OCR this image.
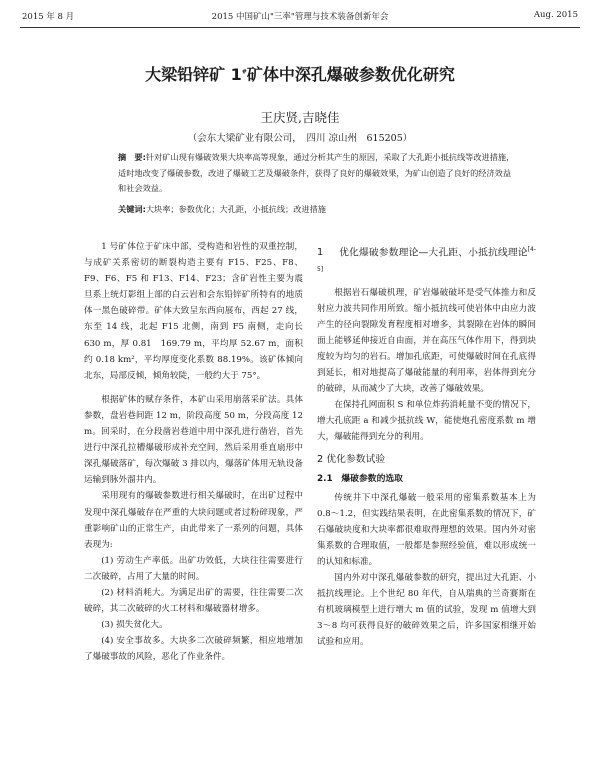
2015 年 8 月	2015 中国矿山"三率"管理与技术装备创新年会	Aug. 2015
大梁铅锌矿 1#矿体中深孔爆破参数优化研究
王庆贤,吉晓佳
（会东大梁矿业有限公司，　四川 凉山州　615205）
摘　要:针对矿山现有爆破效果大块率高等现象，通过分析其产生的原因，采取了大孔距小抵抗线等改进措施，适时地改变了爆破参数，改进了爆破工艺及爆破条件，获得了良好的爆破效果，为矿山创造了良好的经济效益和社会效益。
关键词:大块率；参数优化；大孔距，小抵抗线；改进措施

1 号矿体位于矿床中部，受构造和岩性的双重控制，与成矿关系密切的断裂构造主要有 F15、F25、F8、F9、F6、F5 和 F13、F14、F23；含矿岩性主要为震旦系上统灯影组上部的白云岩和会东铅锌矿所特有的地质体一黑色破碎带。矿体大致呈东西向展布，西起 27 线，东至 14 线，北起 F15 北侧，南到 F5 南侧，走向长 630 m，厚 0.81　169.79 m，平均厚 52.67 m，面积约 0.18 km²，平均厚度变化系数 88.19%。该矿体倾向北东，局部反倾，倾角较陡，一般约大于 75°。

根据矿体的赋存条件，本矿山采用崩落采矿法。具体参数，盘岩巷间距 12 m，阶段高度 50 m，分段高度 12 m。回采时，在分段凿岩巷道中用中深孔进行凿岩，首先进行中深孔拉槽爆破形成补充空间，然后采用垂直扇形中深孔爆破落矿，每次爆破 3 排以内，爆落矿体用无轨设备运输到脉外溜井内。

采用现有的爆破参数进行相关爆破时，在出矿过程中发现中深孔爆破存在严重的大块问题或者过粉碎现象，严重影响矿山的正常生产，由此带来了一系列的问题，具体表现为:

(1) 劳动生产率低。出矿功效低，大块往往需要进行二次破碎，占用了大量的时间。

(2) 材料消耗大。为满足出矿的需要，往往需要二次破碎，其二次破碎的火工材料和爆破器材增多。

(3) 损失贫化大。

(4) 安全事故多。大块多二次破碎频繁，相应地增加了爆破事故的风险，恶化了作业条件。

1 优化爆破参数理论—大孔距、小抵抗线理论[4-5]

根据岩石爆破机理，矿岩爆破破坏是受气体推力和反射应力波共同作用所致。缩小抵抗线可使岩体中由应力波产生的径向裂隙发育程度相对增多，其裂隙在岩体的瞬间面上能够延伸接近自由面，并在高压气体作用下，得到块度较为均匀的岩石。增加孔底距，可使爆破时间在孔底得到延长，相对地提高了爆破能量的利用率，岩体得到充分的破碎，从而减少了大块，改善了爆破效果。

在保持孔网面积 S 和单位炸药消耗量不变的情况下，增大孔底距 a 和减少抵抗线 W，能使炮孔密度系数 m 增大，爆破能得到充分的利用。

2 优化参数试验
2.1　爆破参数的选取

传统井下中深孔爆破一般采用的密集系数基本上为 0.8～1.2，但实践结果表明，在此密集系数的情况下，矿石爆破块度和大块率都很难取得理想的效果。国内外对密集系数的合理取值，一般都是参照经验值，难以形成统一的认知和标准。

国内外对中深孔爆破参数的研究，提出过大孔距、小抵抗线理论。上个世纪 80 年代，自从瑞典的兰奇赛斯在有机玻璃模型上进行增大 m 值的试验，发现 m 值增大到 3～8 均可获得良好的破碎效果之后，许多国家相继开始试验和应用。
